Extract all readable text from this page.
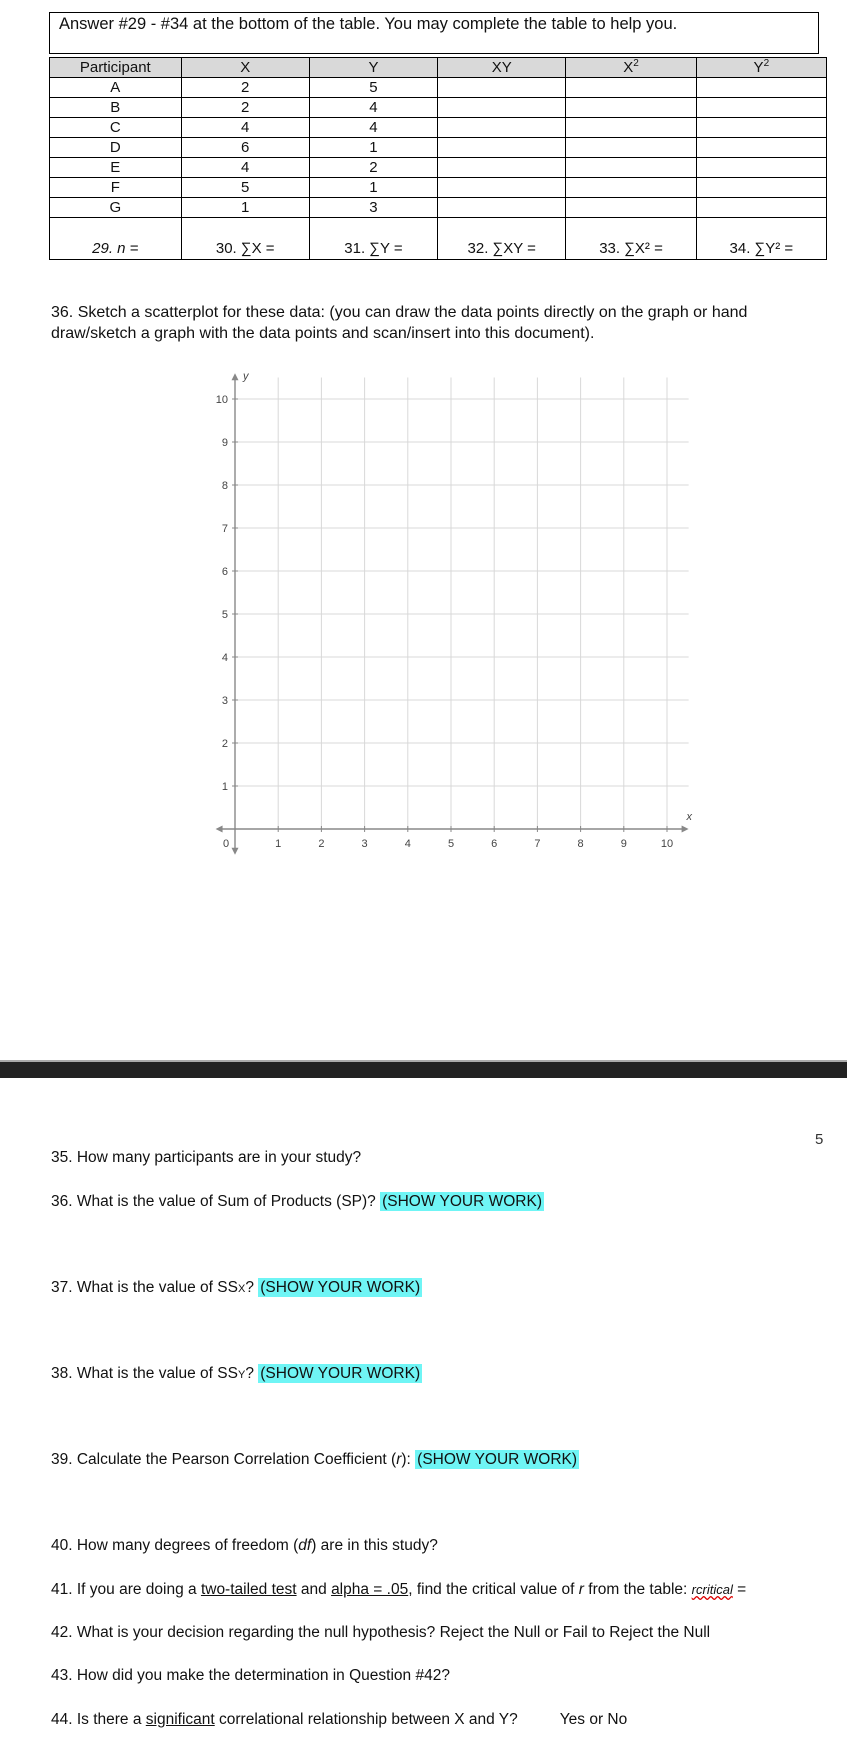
Answer #29 - #34 at the bottom of the table. You may complete the table to help you.
Participant	X	Y	XY	$X^2$	$Y^2$
A	2	5			
B	2	4			
C	4	4			
D	6	1			
E	4	2			
F	5	1			
G	1	3			
29. n =	30. ∑X =	31. ∑Y =	32. ∑XY =	33. ∑X² =	34. ∑Y² =
36. Sketch a scatterplot for these data: (you can draw the data points directly on the graph or hand draw/sketch a graph with the data points and scan/insert into this document).
0	1	2	3	4	5	6	7	8	9	10
1
2
3
4
5
6
7
8
9
10
x
y
5
35. How many participants are in your study?
36. What is the value of Sum of Products (SP)? (SHOW YOUR WORK)
37. What is the value of SSX? (SHOW YOUR WORK)
38. What is the value of SSY? (SHOW YOUR WORK)
39. Calculate the Pearson Correlation Coefficient (r): (SHOW YOUR WORK)
40. How many degrees of freedom (df) are in this study?
41. If you are doing a two-tailed test and alpha = .05, find the critical value of r from the table: rcritical =
42. What is your decision regarding the null hypothesis? Reject the Null or Fail to Reject the Null
43. How did you make the determination in Question #42?
44. Is there a significant correlational relationship between X and Y?	Yes or No
